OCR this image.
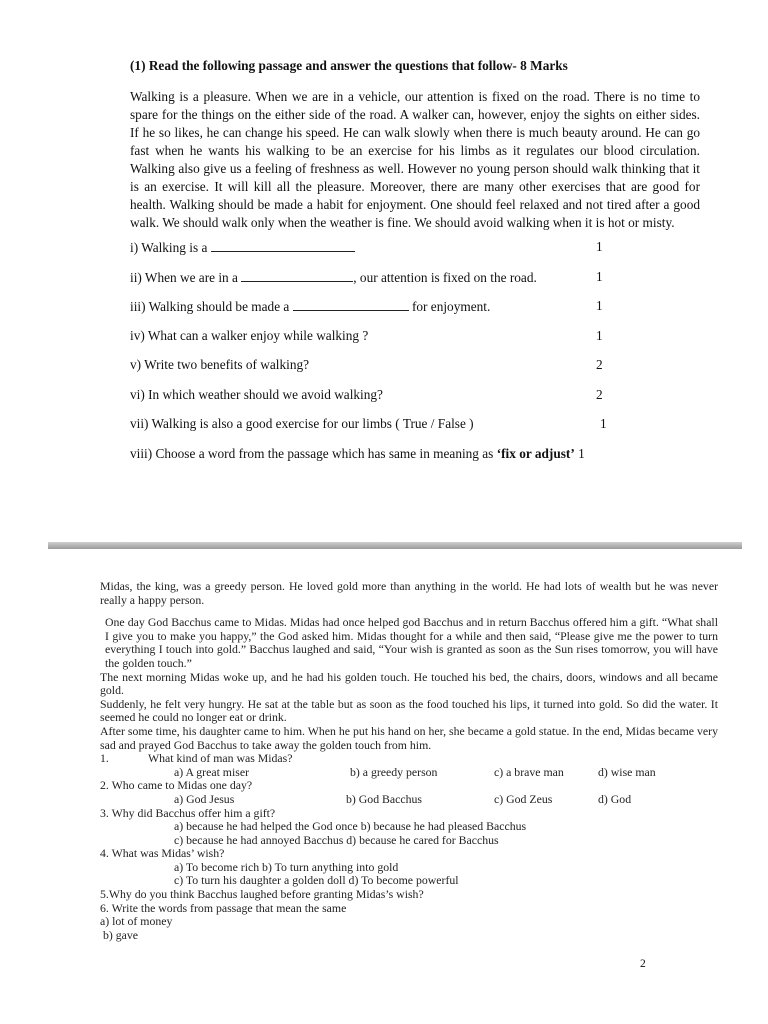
(1) Read the following passage and answer the questions that follow- 8 Marks
Walking is a pleasure. When we are in a vehicle, our attention is fixed on the road. There is no time to spare for the things on the either side of the road. A walker can, however, enjoy the sights on either sides. If he so likes, he can change his speed. He can walk slowly when there is much beauty around. He can go fast when he wants his walking to be an exercise for his limbs as it regulates our blood circulation. Walking also give us a feeling of freshness as well. However no young person should walk thinking that it is an exercise. It will kill all the pleasure. Moreover, there are many other exercises that are good for health. Walking should be made a habit for enjoyment. One should feel relaxed and not tired after a good walk. We should walk only when the weather is fine. We should avoid walking when it is hot or misty.
i) Walking is a	1
ii) When we are in a	, our attention is fixed on the road.	1
iii) Walking should be made a	for enjoyment.	1
iv) What can a walker enjoy while walking ?	1
v) Write two benefits of walking?	2
vi) In which weather should we avoid walking?	2
vii) Walking is also a good exercise for our limbs ( True / False )	1
viii) Choose a word from the passage which has same in meaning as ‘fix or adjust’ 1

Midas, the king, was a greedy person. He loved gold more than anything in the world. He had lots of wealth but he was never really a happy person.

One day God Bacchus came to Midas. Midas had once helped god Bacchus and in return Bacchus offered him a gift. “What shall I give you to make you happy,” the God asked him. Midas thought for a while and then said, “Please give me the power to turn everything I touch into gold.” Bacchus laughed and said, “Your wish is granted as soon as the Sun rises tomorrow, you will have the golden touch.”

The next morning Midas woke up, and he had his golden touch. He touched his bed, the chairs, doors, windows and all became gold.

Suddenly, he felt very hungry. He sat at the table but as soon as the food touched his lips, it turned into gold. So did the water. It seemed he could no longer eat or drink.

After some time, his daughter came to him. When he put his hand on her, she became a gold statue. In the end, Midas became very sad and prayed God Bacchus to take away the golden touch from him.

1.	What kind of man was Midas?
a) A great miser	b) a greedy person	c) a brave man	d) wise man

2. Who came to Midas one day?

a) God Jesus	b) God Bacchus	c) God Zeus	d) God

3. Why did Bacchus offer him a gift?

a) because he had helped the God once b) because he had pleased Bacchus

c) because he had annoyed Bacchus d) because he cared for Bacchus

4. What was Midas’ wish?

a) To become rich b) To turn anything into gold

c) To turn his daughter a golden doll d) To become powerful

5.Why do you think Bacchus laughed before granting Midas’s wish?

6. Write the words from passage that mean the same

a) lot of money

b) gave

2
